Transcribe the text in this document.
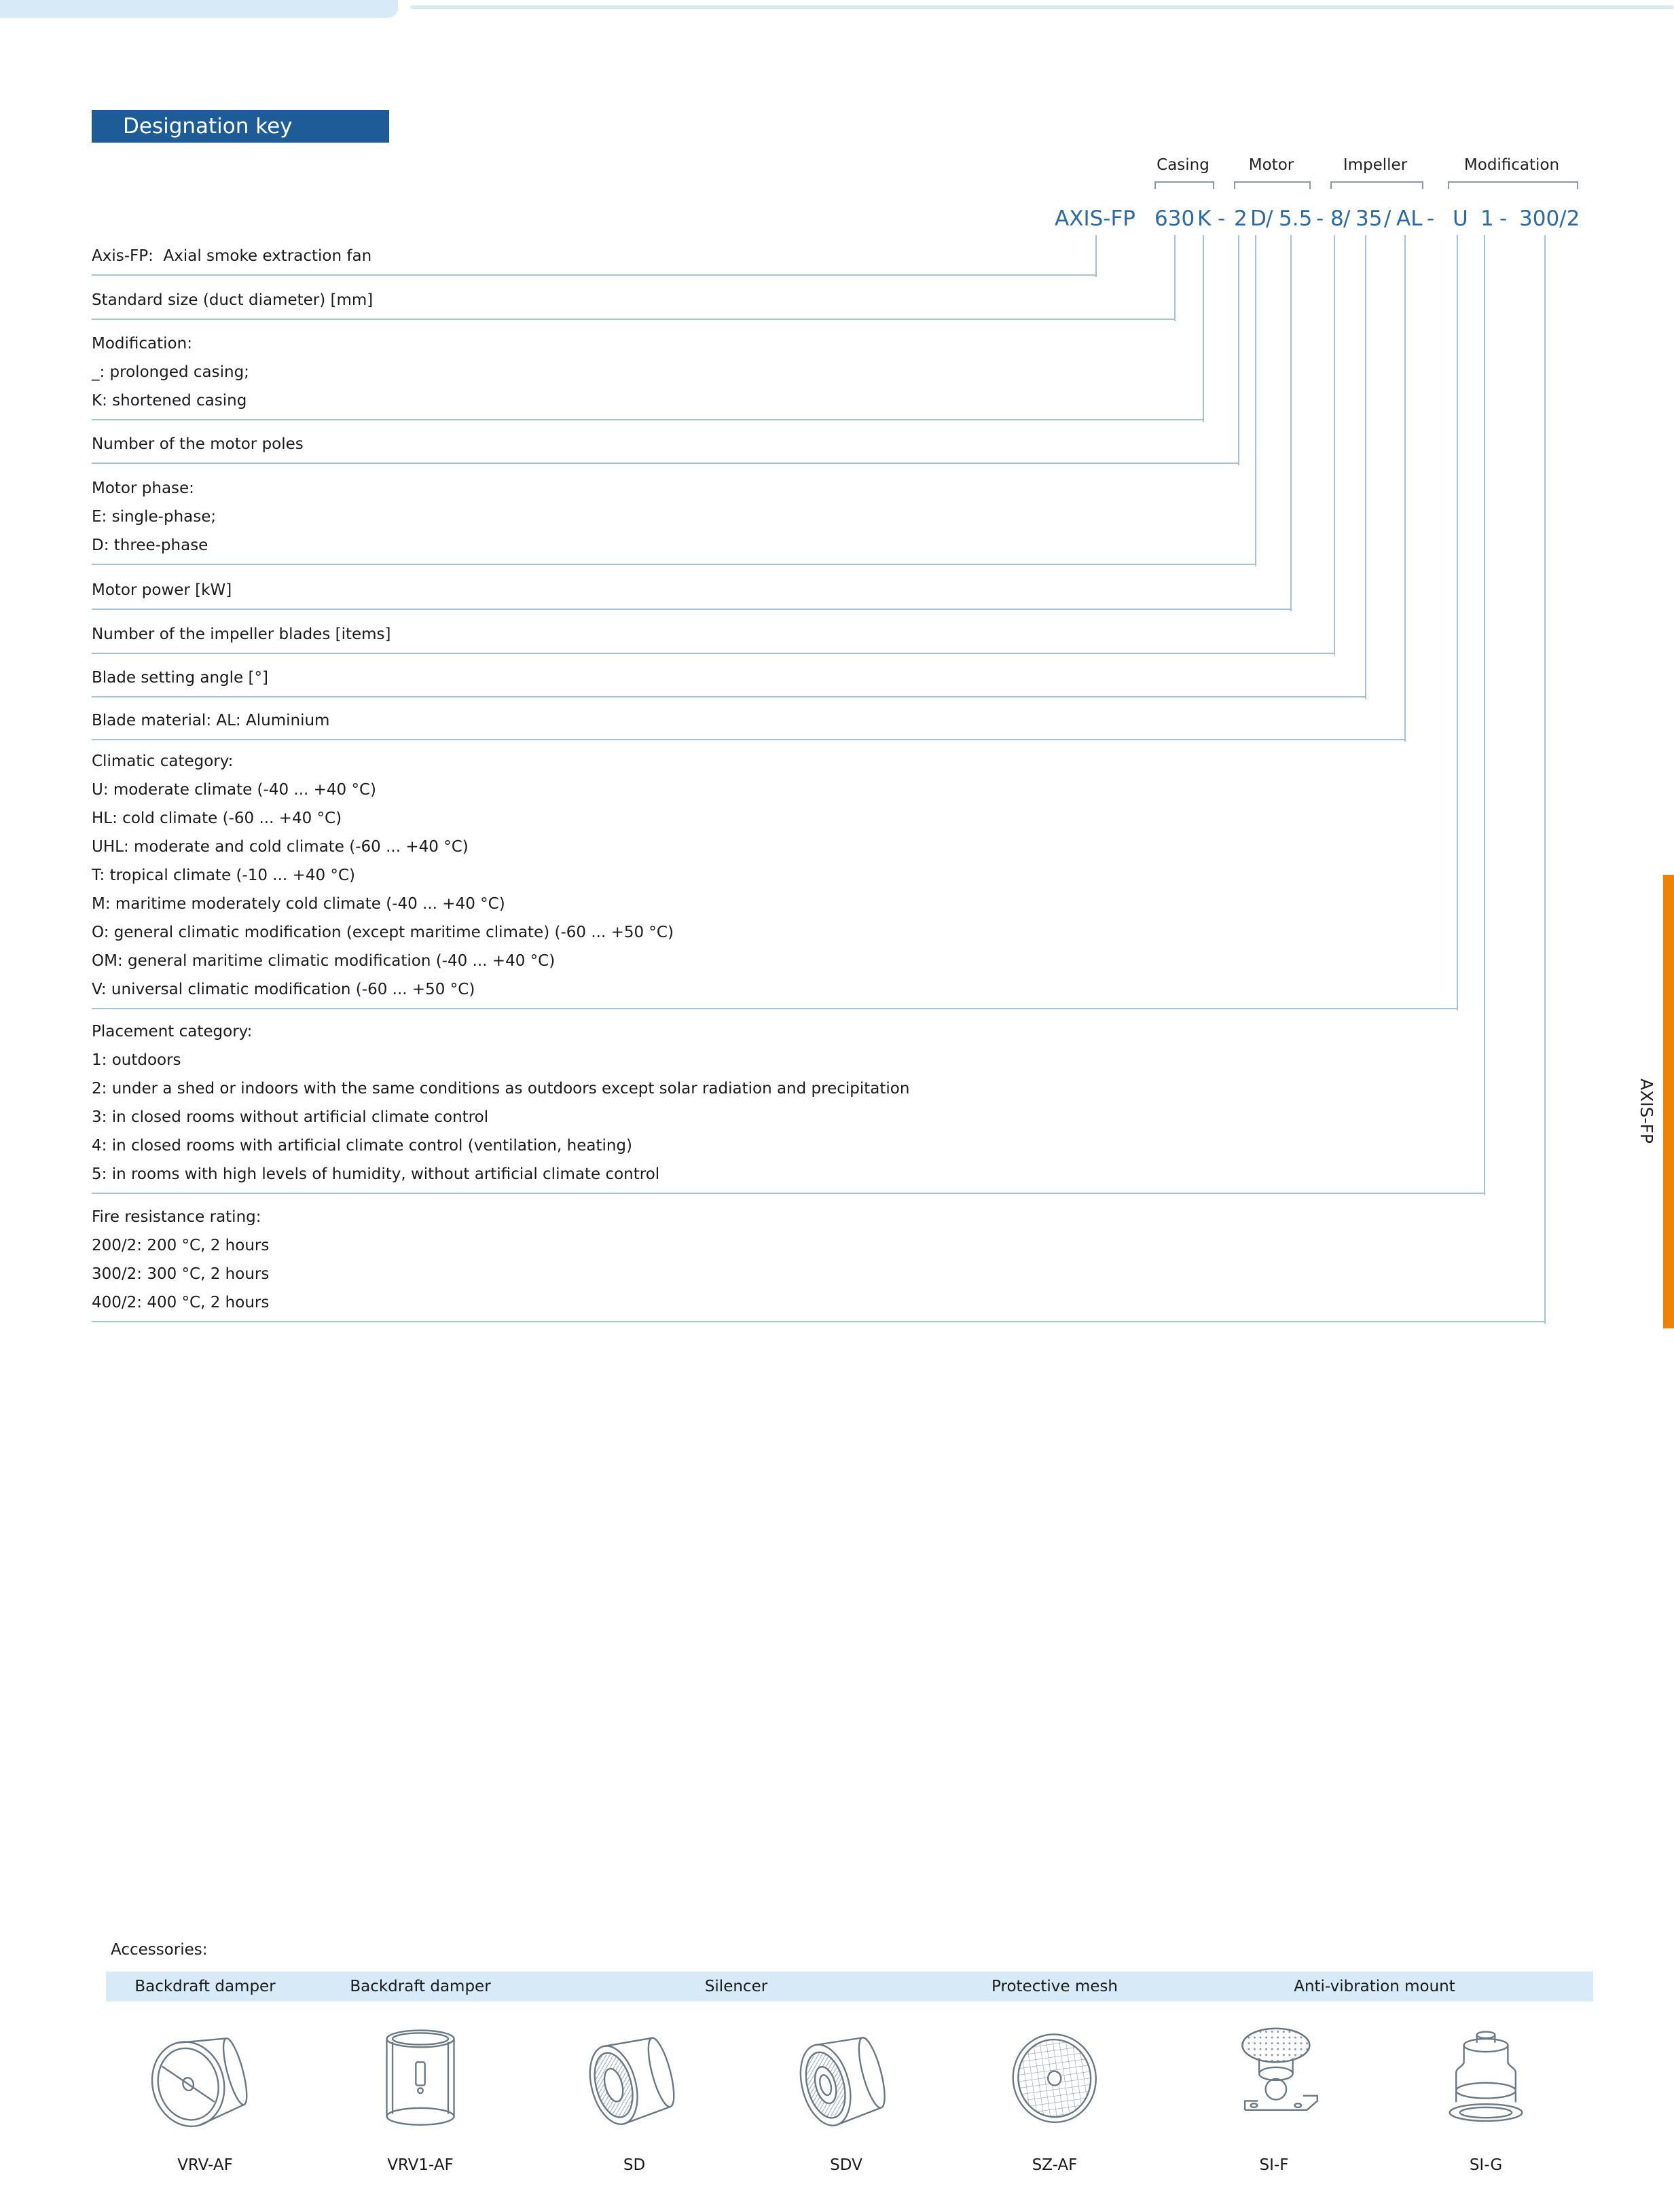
Designation key
Casing	Motor	Impeller	Modification
AXIS-FP 630 K - 2 D / 5.5 - 8 / 35 / AL - U 1 - 300/2
Axis-FP:  Axial smoke extraction fan
Standard size (duct diameter) [mm]
Modification:
_: prolonged casing;
K: shortened casing
Number of the motor poles
Motor phase:
E: single-phase;
D: three-phase
Motor power [kW]
Number of the impeller blades [items]
Blade setting angle [°]
Blade material: AL: Aluminium
Climatic category:
U: moderate climate (-40 ... +40 °C)
HL: cold climate (-60 ... +40 °C)
UHL: moderate and cold climate (-60 ... +40 °C)
T: tropical climate (-10 ... +40 °C)
M: maritime moderately cold climate (-40 ... +40 °C)
O: general climatic modification (except maritime climate) (-60 ... +50 °C)
OM: general maritime climatic modification (-40 ... +40 °C)
V: universal climatic modification (-60 ... +50 °C)
Placement category:
1: outdoors
2: under a shed or indoors with the same conditions as outdoors except solar radiation and precipitation
3: in closed rooms without artificial climate control
4: in closed rooms with artificial climate control (ventilation, heating)
5: in rooms with high levels of humidity, without artificial climate control
Fire resistance rating:
200/2: 200 °C, 2 hours
300/2: 300 °C, 2 hours
400/2: 400 °C, 2 hours
Accessories:
Backdraft damper	Backdraft damper	Silencer	Protective mesh	Anti-vibration mount
VRV-AF	VRV1-AF	SD	SDV	SZ-AF	SI-F	SI-G
AXIS-FP
